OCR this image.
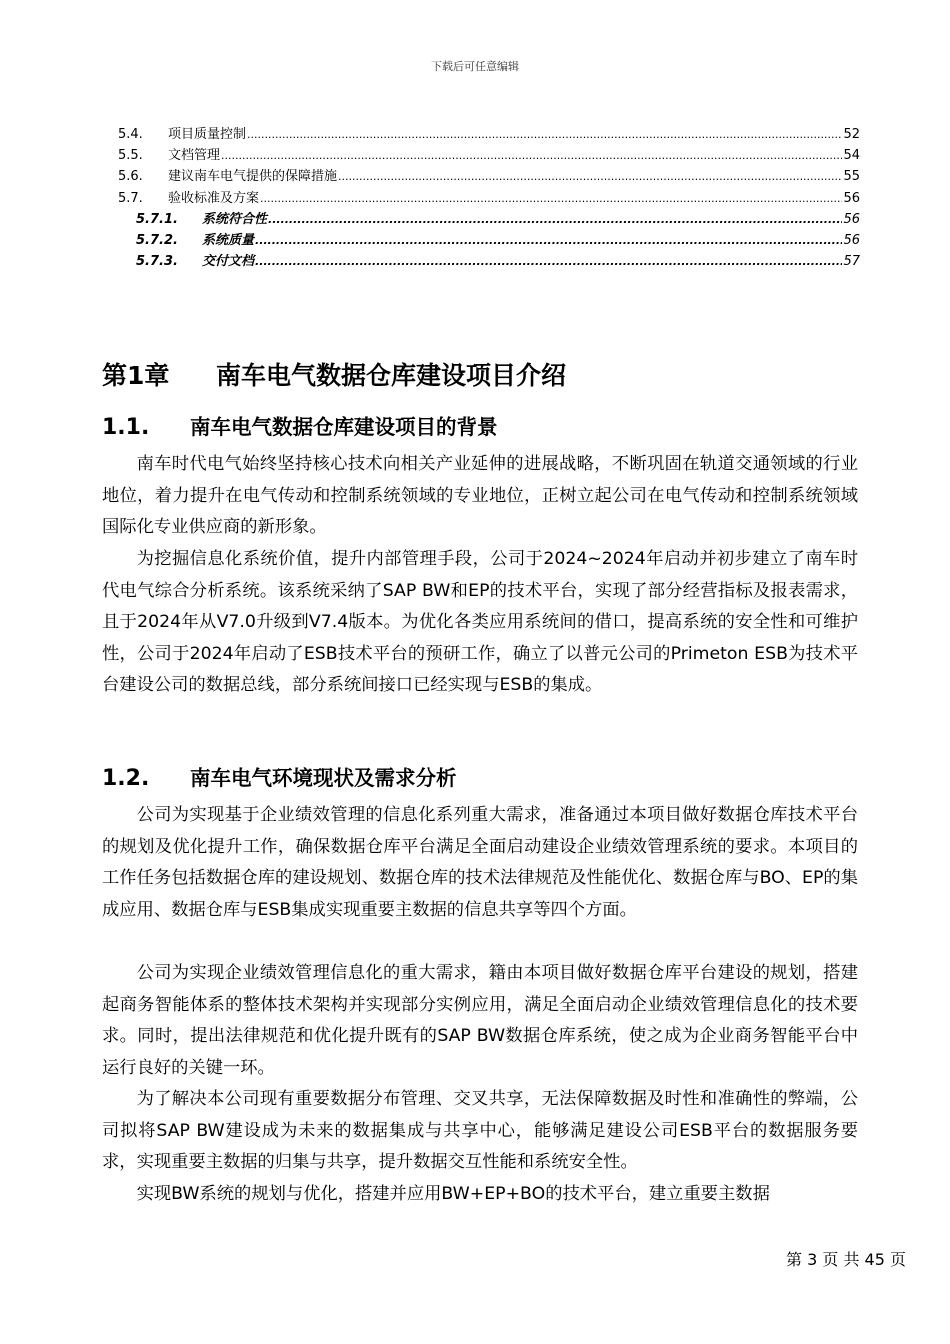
下载后可任意编辑
5.4.	项目质量控制 .....	52
5.5.	文档管理 .....	54
5.6.	建议南车电气提供的保障措施 .....	55
5.7.	验收标准及方案 .....	56
5.7.1.	系统符合性 .....	56
5.7.2.	系统质量 .....	56
5.7.3.	交付文档 .....	57
第1章 南车电气数据仓库建设项目介绍
1.1. 南车电气数据仓库建设项目的背景

南车时代电气始终坚持核心技术向相关产业延伸的进展战略，不断巩固在轨道交通领域的行业地位，着力提升在电气传动和控制系统领域的专业地位，正树立起公司在电气传动和控制系统领域国际化专业供应商的新形象。

为挖掘信息化系统价值，提升内部管理手段，公司于2024~2024年启动并初步建立了南车时代电气综合分析系统。该系统采纳了SAP BW和EP的技术平台，实现了部分经营指标及报表需求，且于2024年从V7.0升级到V7.4版本。为优化各类应用系统间的借口，提高系统的安全性和可维护性，公司于2024年启动了ESB技术平台的预研工作，确立了以普元公司的Primeton ESB为技术平台建设公司的数据总线，部分系统间接口已经实现与ESB的集成。

1.2. 南车电气环境现状及需求分析

公司为实现基于企业绩效管理的信息化系列重大需求，准备通过本项目做好数据仓库技术平台的规划及优化提升工作，确保数据仓库平台满足全面启动建设企业绩效管理系统的要求。本项目的工作任务包括数据仓库的建设规划、数据仓库的技术法律规范及性能优化、数据仓库与BO、EP的集成应用、数据仓库与ESB集成实现重要主数据的信息共享等四个方面。

公司为实现企业绩效管理信息化的重大需求，籍由本项目做好数据仓库平台建设的规划，搭建起商务智能体系的整体技术架构并实现部分实例应用，满足全面启动企业绩效管理信息化的技术要求。同时，提出法律规范和优化提升既有的SAP BW数据仓库系统，使之成为企业商务智能平台中运行良好的关键一环。

为了解决本公司现有重要数据分布管理、交叉共享，无法保障数据及时性和准确性的弊端，公司拟将SAP BW建设成为未来的数据集成与共享中心，能够满足建设公司ESB平台的数据服务要求，实现重要主数据的归集与共享，提升数据交互性能和系统安全性。

实现BW系统的规划与优化，搭建并应用BW+EP+BO的技术平台，建立重要主数据

第 3 页 共 45 页
